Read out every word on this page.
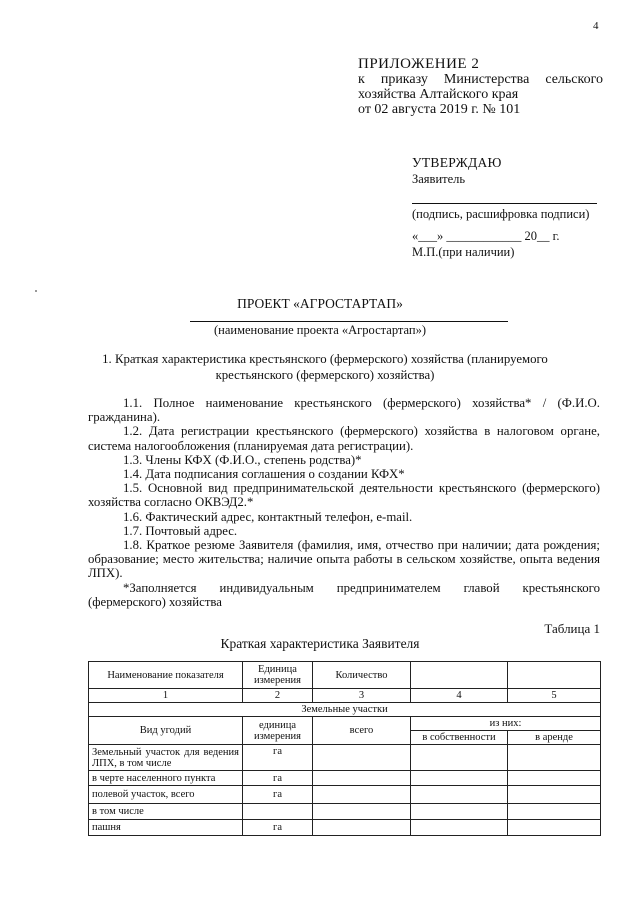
4
ПРИЛОЖЕНИЕ 2
к приказу Министерства сельского
хозяйства Алтайского края
от 02 августа 2019 г. № 101
УТВЕРЖДАЮ
Заявитель
(подпись, расшифровка подписи)
«___» ____________ 20__ г.
М.П.(при наличии)
ПРОЕКТ «АГРОСТАРТАП»
(наименование проекта «Агростартап»)
1. Краткая характеристика крестьянского (фермерского) хозяйства (планируемого
крестьянского (фермерского) хозяйства)

1.1. Полное наименование крестьянского (фермерского) хозяйства* / (Ф.И.О. гражданина).

1.2. Дата регистрации крестьянского (фермерского) хозяйства в налоговом органе, система налогообложения (планируемая дата регистрации).

1.3. Члены КФХ (Ф.И.О., степень родства)*

1.4. Дата подписания соглашения о создании КФХ*

1.5. Основной вид предпринимательской деятельности крестьянского (фермерского) хозяйства согласно ОКВЭД2.*

1.6. Фактический адрес, контактный телефон, e-mail.

1.7. Почтовый адрес.

1.8. Краткое резюме Заявителя (фамилия, имя, отчество при наличии; дата рождения; образование; место жительства; наличие опыта работы в сельском хозяйстве, опыта ведения ЛПХ).

*Заполняется индивидуальным предпринимателем главой крестьянского (фермерского) хозяйства

Таблица 1
Краткая характеристика Заявителя
Наименование показателя	Единица измерения	Количество		
1	2	3	4	5
Земельные участки				
Вид угодий	единица измерения	всего	из них:	
			в собственности	в аренде
Земельный участок для ведения ЛПХ, в том числе	га			
в черте населенного пункта	га			
полевой участок, всего	га			
в том числе				
пашня	га			
